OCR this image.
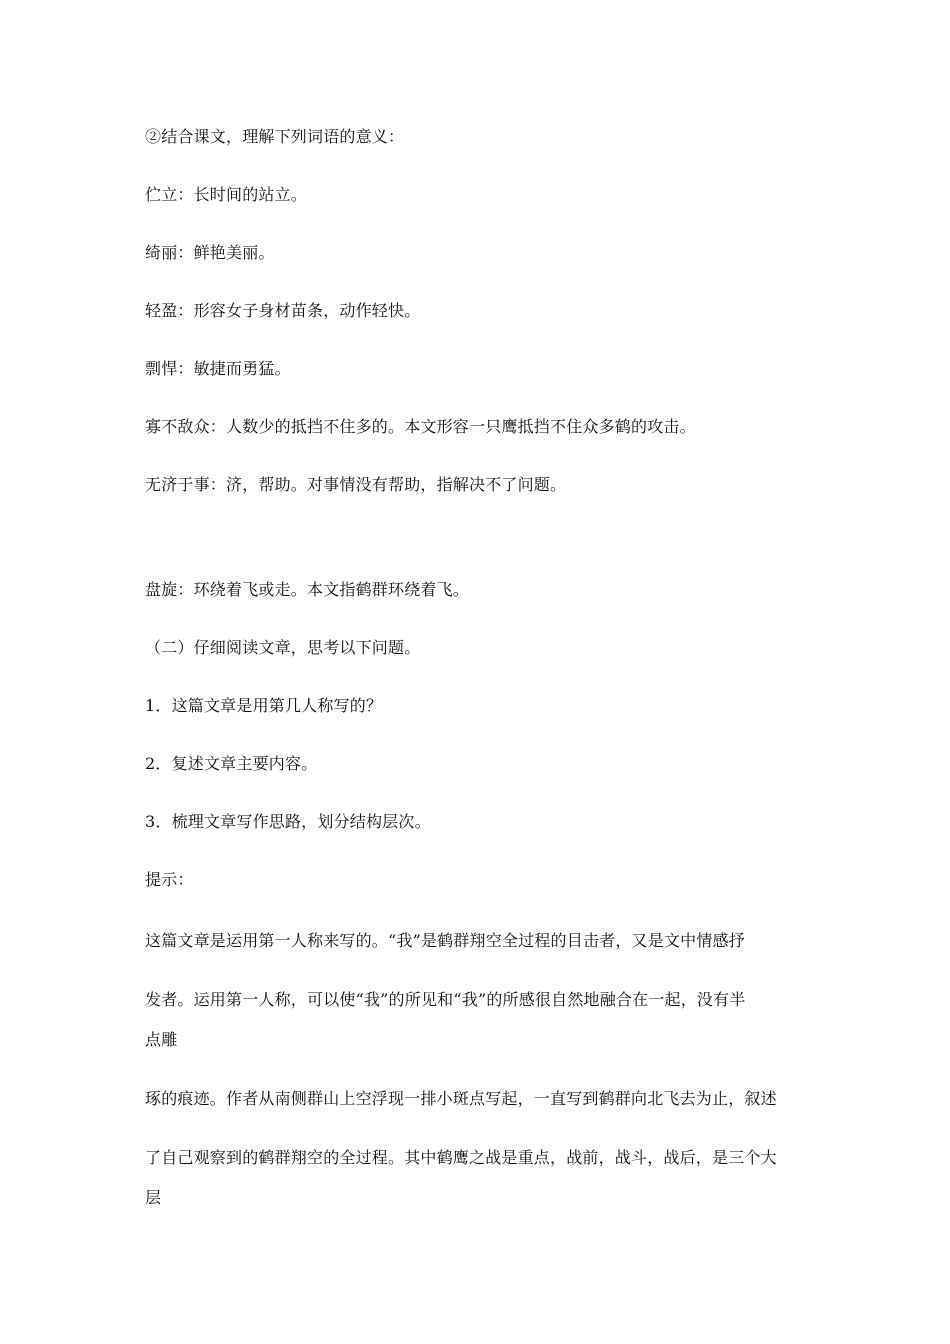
②结合课文，理解下列词语的意义：
伫立：长时间的站立。
绮丽：鲜艳美丽。
轻盈：形容女子身材苗条，动作轻快。
剽悍：敏捷而勇猛。
寡不敌众：人数少的抵挡不住多的。本文形容一只鹰抵挡不住众多鹤的攻击。
无济于事：济，帮助。对事情没有帮助，指解决不了问题。
盘旋：环绕着飞或走。本文指鹤群环绕着飞。
（二）仔细阅读文章，思考以下问题。
1．这篇文章是用第几人称写的？
2．复述文章主要内容。
3．梳理文章写作思路，划分结构层次。
提示：
这篇文章是运用第一人称来写的。“我”是鹤群翔空全过程的目击者，又是文中情感抒
发者。运用第一人称，可以使“我”的所见和“我”的所感很自然地融合在一起，没有半
点雕
琢的痕迹。作者从南侧群山上空浮现一排小斑点写起，一直写到鹤群向北飞去为止，叙述
了自己观察到的鹤群翔空的全过程。其中鹤鹰之战是重点，战前，战斗，战后，是三个大
层
